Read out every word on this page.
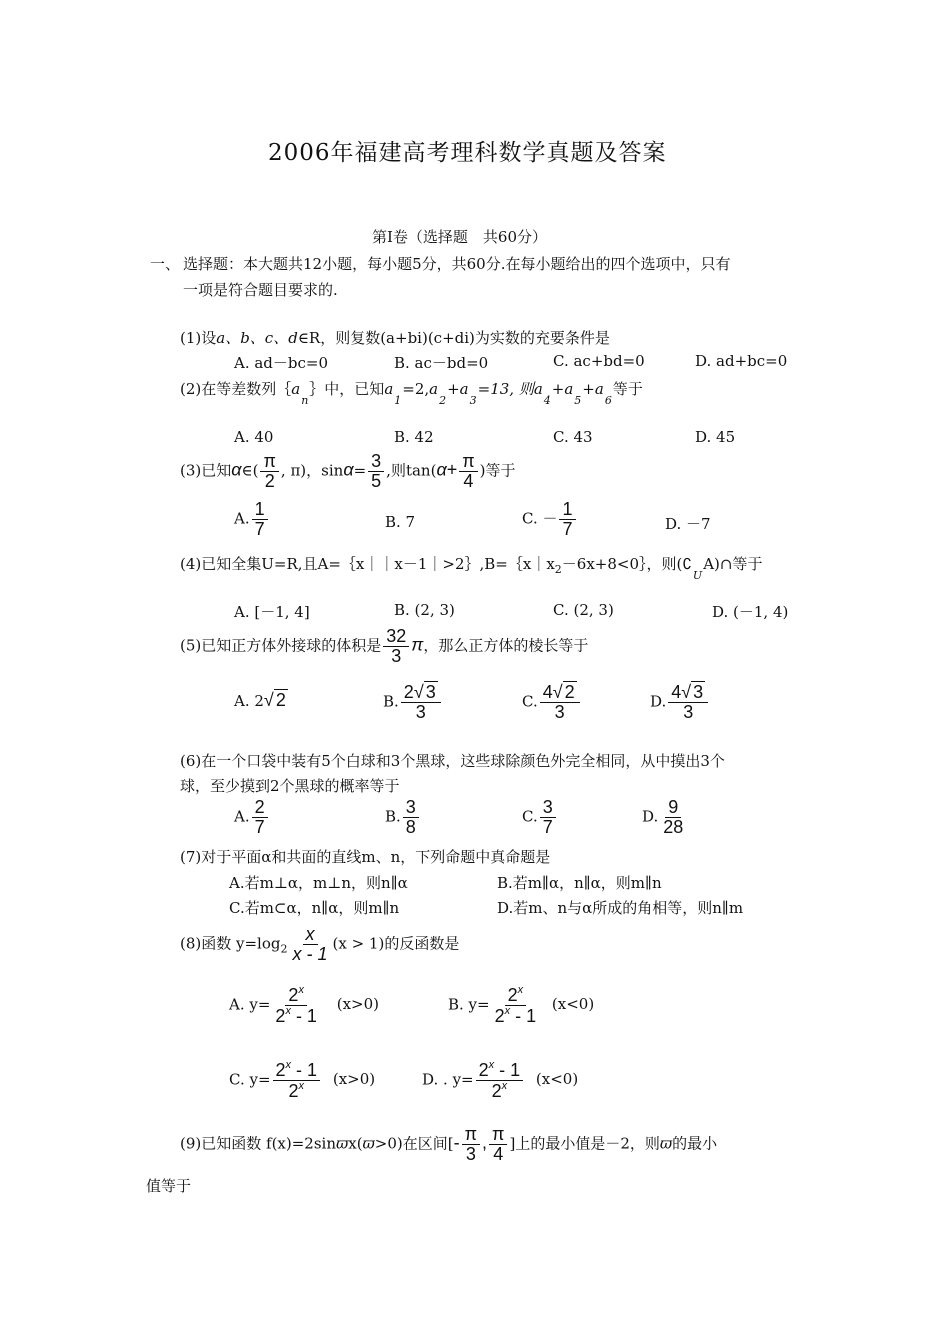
2006年福建高考理科数学真题及答案
第Ⅰ卷（选择题　共60分）
一、 选择题：本大题共12小题，每小题5分，共60分.在每小题给出的四个选项中，只有
一项是符合题目要求的.
(1)设a、b、c、d∈R，则复数(a+bi)(c+di)为实数的充要条件是
A. ad－bc=0	B. ac－bd=0	C. ac+bd=0	D. ad+bc=0
(2)在等差数列$\{a_n\}$中，已知$a_1=2,a_2+a_3=13$, 则$a_4+a_5+a_6$等于
A. 40	B. 42	C. 43	D. 45
(3)已知α∈( $\frac{\pi}{2}$ , π)，$\sin\alpha= \frac{3}{5}$ ,则$\tan(\alpha+ \frac{\pi}{4}$ )等于
A. $\frac{1}{7}$	B. 7	C. － $\frac{1}{7}$	D. －7
(4)已知全集U=R,且$A=\{x||x-1|>2\},B=\{x|x_2-6x+8<0\}$，则$(∁_UA)\cap$等于
A. [－1, 4]	B. (2, 3)	C. (2, 3)	D. (－1, 4)
(5)已知正方体外接球的体积是 $\frac{32}{3}$ π，那么正方体的棱长等于
A. 2√ 2	B. $\frac{2√ 3}{3}$	C. $\frac{4√ 2}{3}$	D. $\frac{4√ 3}{3}$
(6)在一个口袋中装有5个白球和3个黑球，这些球除颜色外完全相同，从中摸出3个
球，至少摸到2个黑球的概率等于
A. $\frac{2}{7}$	B. $\frac{3}{8}$	C. $\frac{3}{7}$	D. $\frac{9}{28}$
(7)对于平面α和共面的直线m、n，下列命题中真命题是
A.若m⊥α，m⊥n，则n∥α	B.若m∥α，n∥α，则m∥n
C.若m⊂α，n∥α，则m∥n	D.若m、n与α所成的角相等，则n∥m
(8)函数 $y=\log_2 \frac{x}{x - 1} (x > 1)$的反函数是
A. $y= \frac{2^x}{2^x - 1} (x>0)$	B. $y= \frac{2^x}{2^x - 1} (x<0)$
C. $y= \frac{2^x - 1}{2^x} (x>0)$	D. . $y= \frac{2^x - 1}{2^x} (x<0)$
(9)已知函数 f(x)=2sinϖx(ϖ>0)在区间[- $\frac{\pi}{3}$ , $\frac{\pi}{4}$ ]上的最小值是－2，则ϖ的最小
值等于
